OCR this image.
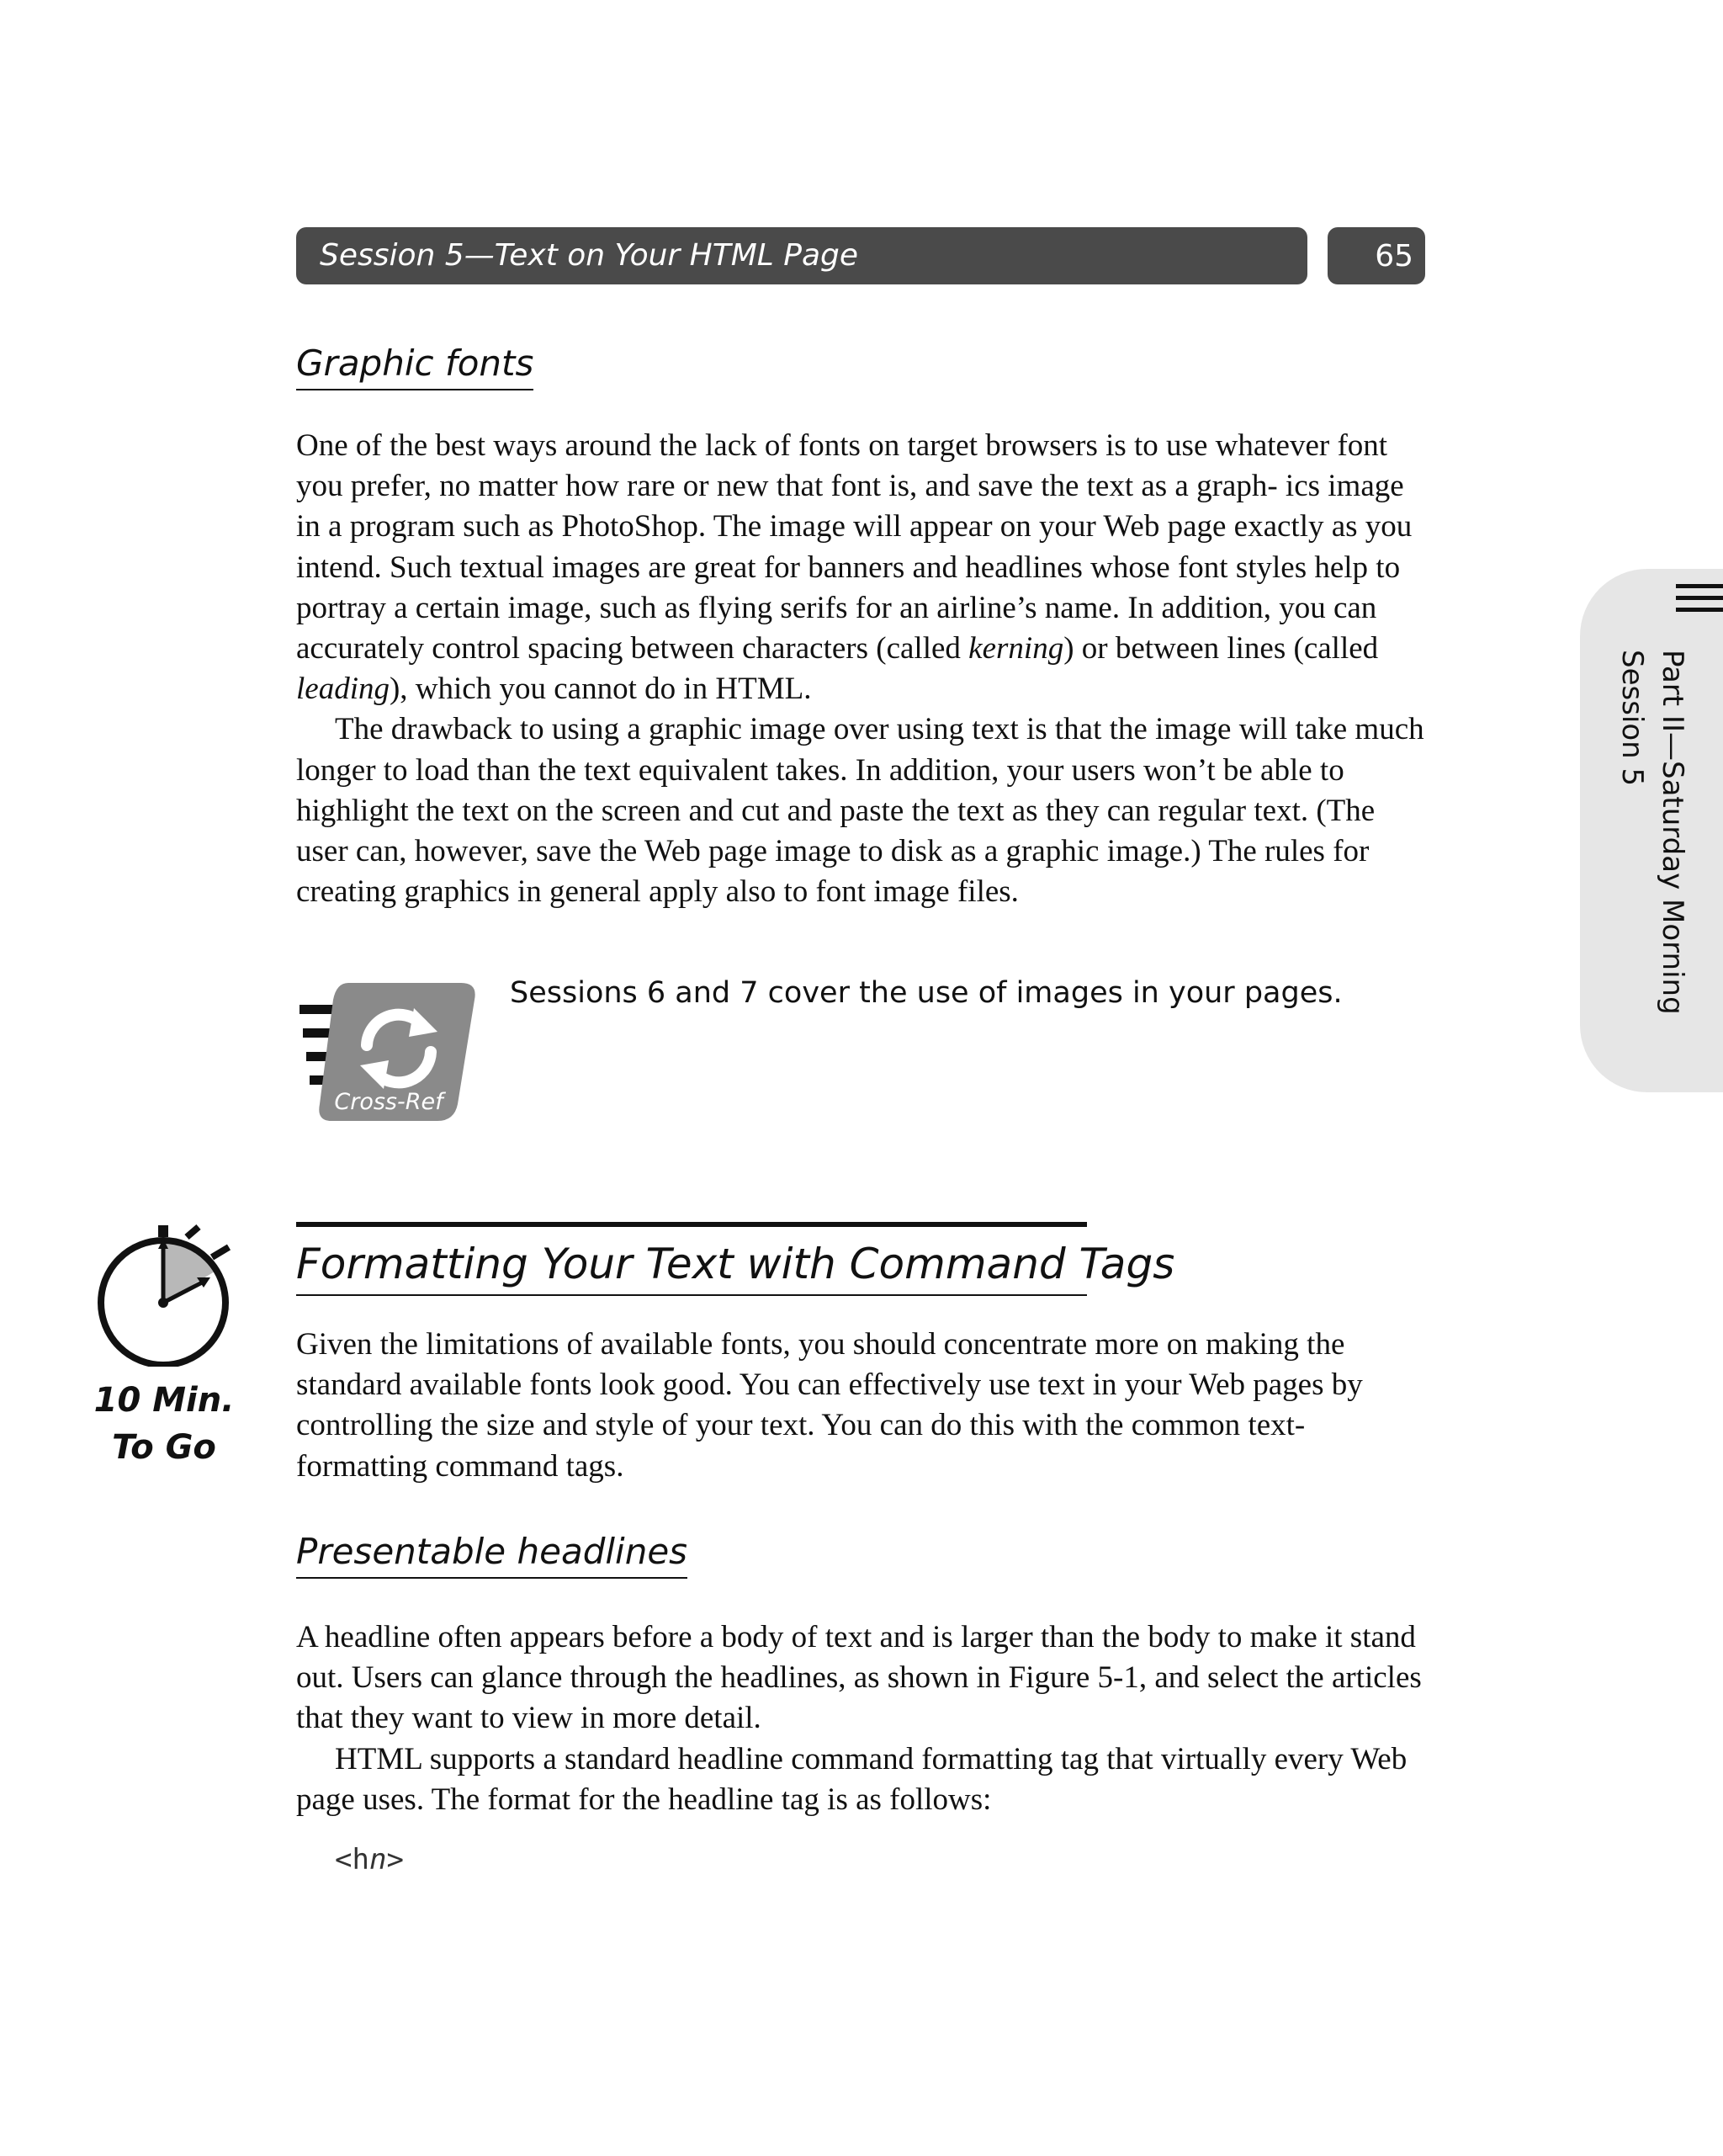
Session 5—Text on Your HTML Page	65
Part II—Saturday Morning
Session 5
Graphic fonts

One of the best ways around the lack of fonts on target browsers is to use whatever font you prefer, no matter how rare or new that font is, and save the text as a graph- ics image in a program such as PhotoShop. The image will appear on your Web page exactly as you intend. Such textual images are great for banners and headlines whose font styles help to portray a certain image, such as flying serifs for an airline’s name. In addition, you can accurately control spacing between characters (called kerning) or between lines (called leading), which you cannot do in HTML.

The drawback to using a graphic image over using text is that the image will take much longer to load than the text equivalent takes. In addition, your users won’t be able to highlight the text on the screen and cut and paste the text as they can regular text. (The user can, however, save the Web page image to disk as a graphic image.) The rules for creating graphics in general apply also to font image files.

Cross-Ref
Sessions 6 and 7 cover the use of images in your pages.
10 Min.
To Go
Formatting Your Text with Command Tags

Given the limitations of available fonts, you should concentrate more on making the standard available fonts look good. You can effectively use text in your Web pages by controlling the size and style of your text. You can do this with the common text-formatting command tags.

Presentable headlines

A headline often appears before a body of text and is larger than the body to make it stand out. Users can glance through the headlines, as shown in Figure 5-1, and select the articles that they want to view in more detail.

HTML supports a standard headline command formatting tag that virtually every Web page uses. The format for the headline tag is as follows:

<hn>
